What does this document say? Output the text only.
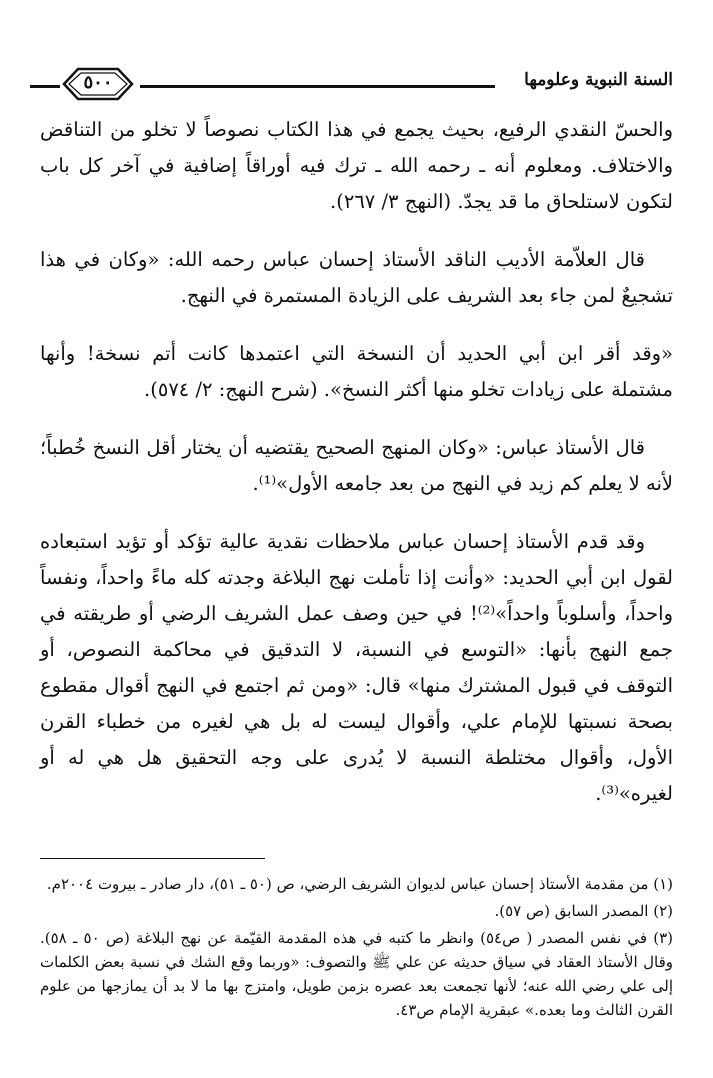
السنة النبوية وعلومها
٥٠٠

والحسّ النقدي الرفيع، بحيث يجمع في هذا الكتاب نصوصاً لا تخلو من التناقض والاختلاف. ومعلوم أنه ـ رحمه الله ـ ترك فيه أوراقاً إضافية في آخر كل باب لتكون لاستلحاق ما قد يجدّ. (النهج ٣/ ٢٦٧).

قال العلاّمة الأديب الناقد الأستاذ إحسان عباس رحمه الله: «وكان في هذا تشجيعٌ لمن جاء بعد الشريف على الزيادة المستمرة في النهج.

«وقد أقر ابن أبي الحديد أن النسخة التي اعتمدها كانت أتم نسخة! وأنها مشتملة على زيادات تخلو منها أكثر النسخ». (شرح النهج: ٢/ ٥٧٤).

قال الأستاذ عباس: «وكان المنهج الصحيح يقتضيه أن يختار أقل النسخ خُطباً؛ لأنه لا يعلم كم زيد في النهج من بعد جامعه الأول»⁽¹⁾.

وقد قدم الأستاذ إحسان عباس ملاحظات نقدية عالية تؤكد أو تؤيد استبعاده لقول ابن أبي الحديد: «وأنت إذا تأملت نهج البلاغة وجدته كله ماءً واحداً، ونفساً واحداً، وأسلوباً واحداً»⁽²⁾! في حين وصف عمل الشريف الرضي أو طريقته في جمع النهج بأنها: «التوسع في النسبة، لا التدقيق في محاكمة النصوص، أو التوقف في قبول المشترك منها» قال: «ومن ثم اجتمع في النهج أقوال مقطوع بصحة نسبتها للإمام علي، وأقوال ليست له بل هي لغيره من خطباء القرن الأول، وأقوال مختلطة النسبة لا يُدرى على وجه التحقيق هل هي له أو لغيره»⁽³⁾.

(١) من مقدمة الأستاذ إحسان عباس لديوان الشريف الرضي، ص (٥٠ ـ ٥١)، دار صادر ـ بيروت ٢٠٠٤م.

(٢) المصدر السابق (ص ٥٧).

(٣) في نفس المصدر ( ص٥٤) وانظر ما كتبه في هذه المقدمة القيّمة عن نهج البلاغة (ص ٥٠ ـ ٥٨). وقال الأستاذ العقاد في سياق حديثه عن علي ﷺ والتصوف: «وربما وقع الشك في نسبة بعض الكلمات إلى علي رضي الله عنه؛ لأنها تجمعت بعد عصره بزمن طويل، وامتزج بها ما لا بد أن يمازجها من علوم القرن الثالث وما بعده.» عبقرية الإمام ص٤٣.
